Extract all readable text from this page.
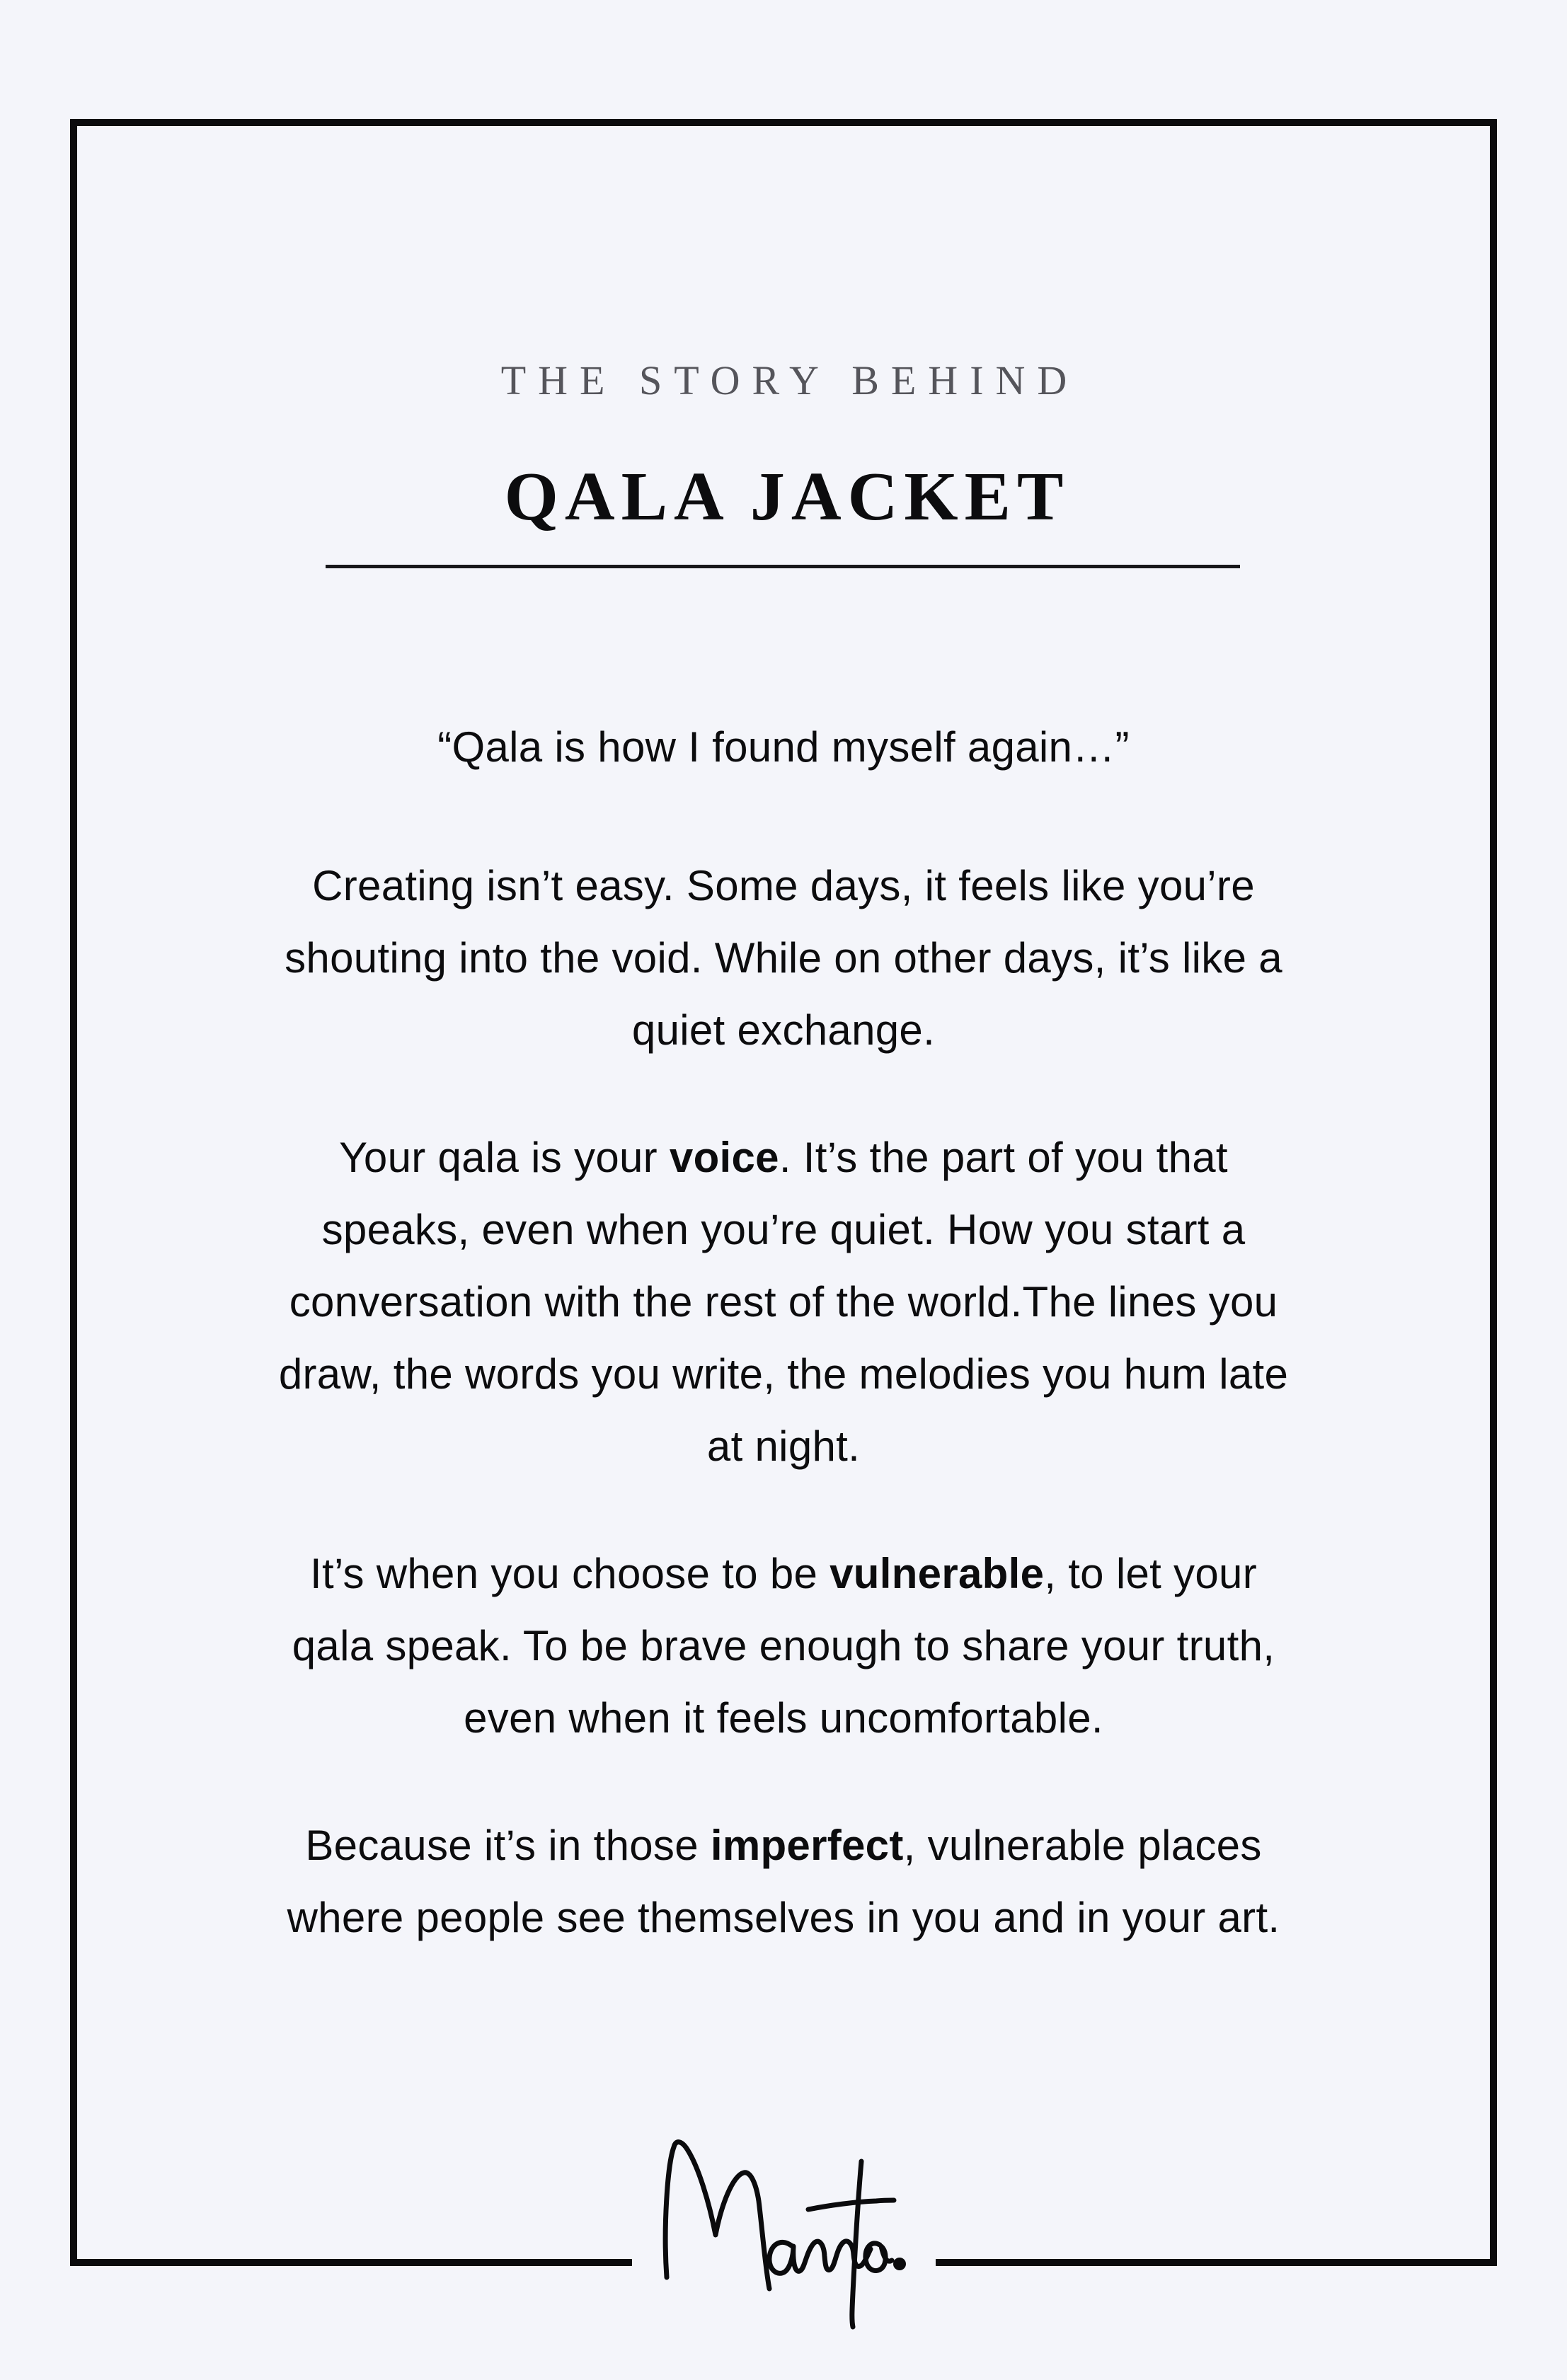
THE STORY BEHIND
QALA JACKET
“Qala is how I found myself again…”
Creating isn’t easy. Some days, it feels like you’re
shouting into the void. While on other days, it’s like a
quiet exchange.
Your qala is your voice. It’s the part of you that
speaks, even when you’re quiet. How you start a
conversation with the rest of the world.The lines you
draw, the words you write, the melodies you hum late
at night.
It’s when you choose to be vulnerable, to let your
qala speak. To be brave enough to share your truth,
even when it feels uncomfortable.
Because it’s in those imperfect, vulnerable places
where people see themselves in you and in your art.
